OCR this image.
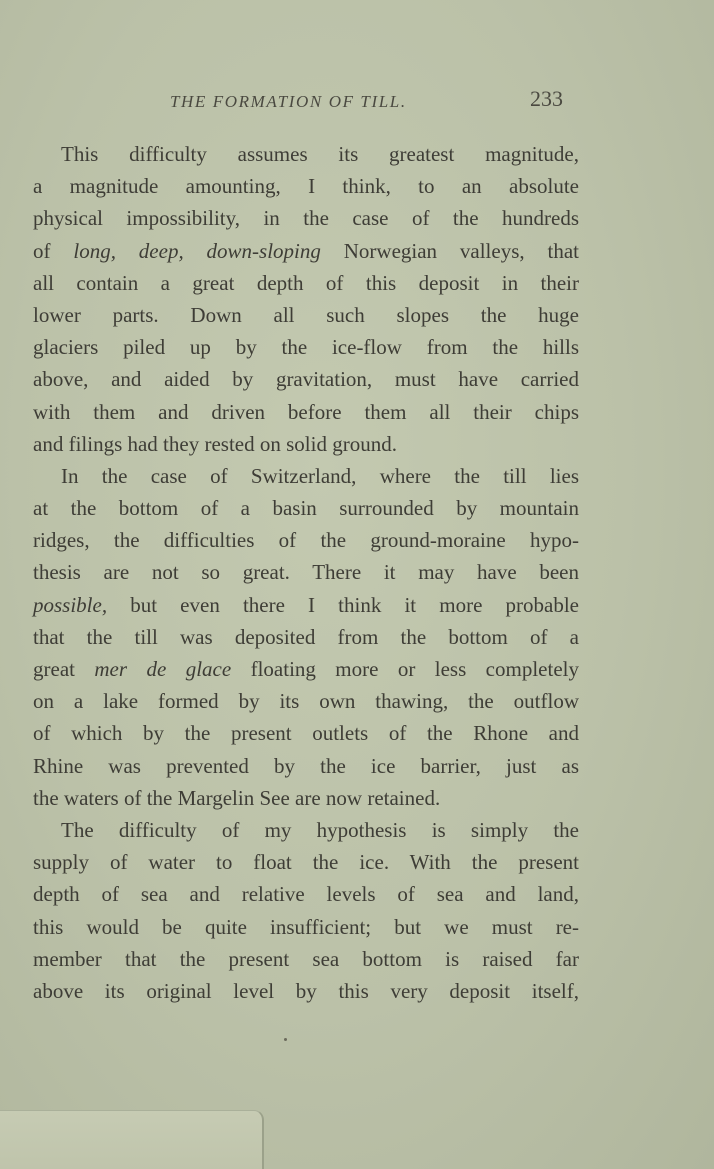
THE FORMATION OF TILL.	233
This difficulty assumes its greatest magnitude,
a magnitude amounting, I think, to an absolute
physical impossibility, in the case of the hundreds
of long, deep, down-sloping Norwegian valleys, that
all contain a great depth of this deposit in their
lower parts. Down all such slopes the huge
glaciers piled up by the ice-flow from the hills
above, and aided by gravitation, must have carried
with them and driven before them all their chips
and filings had they rested on solid ground.
In the case of Switzerland, where the till lies
at the bottom of a basin surrounded by mountain
ridges, the difficulties of the ground-moraine hypo-
thesis are not so great. There it may have been
possible, but even there I think it more probable
that the till was deposited from the bottom of a
great mer de glace floating more or less completely
on a lake formed by its own thawing, the outflow
of which by the present outlets of the Rhone and
Rhine was prevented by the ice barrier, just as
the waters of the Margelin See are now retained.
The difficulty of my hypothesis is simply the
supply of water to float the ice. With the present
depth of sea and relative levels of sea and land,
this would be quite insufficient; but we must re-
member that the present sea bottom is raised far
above its original level by this very deposit itself,
